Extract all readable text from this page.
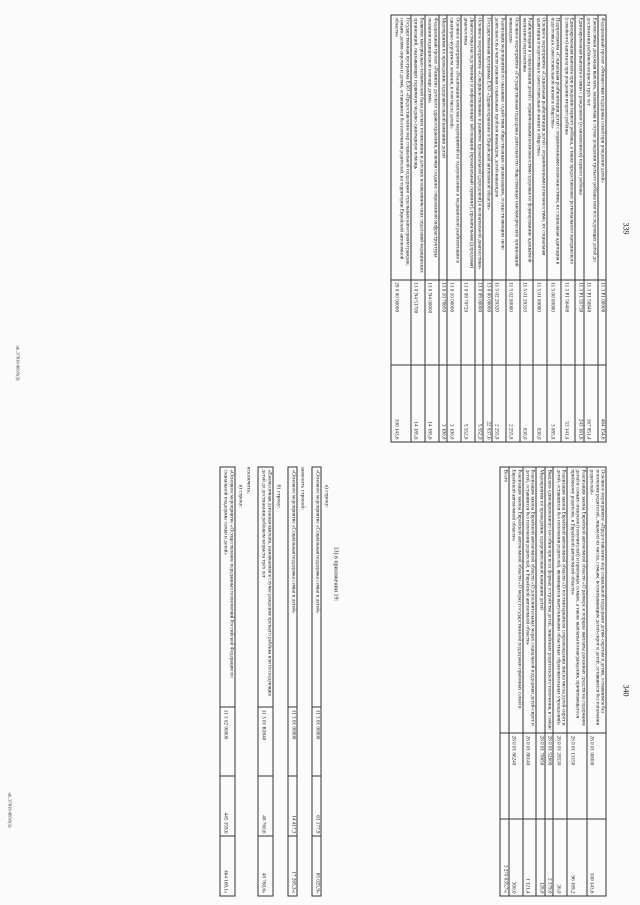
339
Федеральный проект «Финансовая поддержка семей при рождении детей»	11 3 P1 00000	464 154,6
Ежемесячная денежная выплата, назначаемая в случае рождения третьего ребёнка или последующих детей до достижения ребёнком возраста трёх лет	11 3 P1 50840	167 851,4
Единовременная выплата в связи с рождением (усыновлением) первого ребёнка	11 3 P1 55730	243 161,8
Единовременная выплата при рождении первого ребёнка, а также предоставление регионального материнского (семейного) капитала при рождении второго ребёнка	11 3 P1 56400	53 141,4
Подпрограмма «Социальная реабилитация детей с ограниченными возможностями, их социальная адаптация и подготовка к самостоятельной жизни в обществе»	11 5 00 00000	3 085,8
Основное мероприятие «Социальная реабилитация детей с ограниченными возможностями, их социальная адаптация и подготовка к самостоятельной жизни в обществе»	11 5 01 00000	830,0
Реабилитация и социализация детей с ограниченными возможностями здоровья по формированию адекватной жизненной перспективы	11 5 01 28310	830,0
Основное мероприятие «Государственная поддержка деятельности общественных некоммерческих организаций инвалидов»	11 5 02 00000	2 255,8
Реализация мероприятий по оказанию содействия общественным организациям, осуществляющим свою деятельность в части решения социальных проблем инвалидов, детей-инвалидов	11 5 02 28320	2 255,8
Государственная программа ЕАО «Здравоохранение в Еврейской автономной области»	13 0 00 00000	22 837,6
Основное мероприятие «Совершенствование и развитие пренатальной (дородовой) и неонатальной диагностики»	13 0 09 00000	5 552,0
Диагностика наследственных и инфекционных заболеваний (пренатальный скрининг), пренатальная (дородовая) диагностика	13 0 09 70720	5 552,0
Основное мероприятие «Реализация комплекса мероприятий по оздоровлению и медицинской реабилитации в санаторно-курортном лечении, в том числе детей»	13 0 10 00000	3 100,0
Мероприятия по проведению оздоровительной кампании детей	13 0 10 70650	3 100,0
Федеральный проект «Развитие детского здравоохранения, включая создание современной инфраструктуры оказания медицинской помощи детям»	13 0 N4 00000	14 185,6
Развитие материально-технической базы детских поликлиник и детских поликлинических отделений медицинских организаций, оказывающих первичную медико-санитарную помощь	13 0 N4 51700	14 185,6
Государственная программа ЕАО «Предоставление мер социальной поддержки отдельным категориям граждан, семьям, детям-сиротам и детям, оставшимся без попечения родителей, на территории Еврейской автономной области»	28 0 00 00000	100 143,6
uk_37019-985/6(3)
340
Основное мероприятие «Предоставление мер социальной поддержки детям-сиротам и детям, оставшимся без попечения родителей, лицам из их числа, семьям, воспитывающим детей-сирот и детей, оставшихся без попечения родителей»	28 0 01 00000	100 143,6
Реализация закона Еврейской автономной области «О размере и порядке выплаты денежных средств на содержание детей в семьях опекунов (попечителей) и приёмных семьях, а также выплаты вознаграждения, причитающегося приёмному родителю, в Еврейской автономной области»	28 0 01 13150	96 189,2
Реализация закона Еврейской автономной области «О постинтернатном сопровождении лиц из числа детей-сирот и детей, оставшихся без попечения родителей, являющихся выпускниками областных образовательных учреждений»	28 0 01 20530	26,0
Выплата единовременного пособия при всех формах устройства детей, лишённых родительского попечения, в семью	28 0 01 52600	2 379,0
Мероприятия по проведению оздоровительной кампании детей	28 0 01 70650	128,0
Реализация закона Еврейской автономной области «О дополнительных мерах социальной поддержки детей-сирот и детей, оставшихся без попечения родителей, в Еврейской автономной области»	28 0 01 86140	1 121,4
Реализация закона Еврейской автономной области «О мерах государственной поддержки приёмных семей в Еврейской автономной области»	28 0 01 86240	300,0
Всего		3 270 835,7»;
13) в приложении 19:
а) строку:
«Основное мероприятие «Социальная поддержка семьи и детей»	11 3 01 00000	63 177,9	65 025,9»
заменить строкой:
«Основное мероприятие «Социальная поддержка семьи и детей»	11 3 01 00000	14 417,3	17 265,3»;
б) строку:
«Ежемесячная денежная выплата, назначаемая в случае рождения третьего ребёнка или последующих детей до достижения ребёнком возраста трёх лет	11 3 01 R0840	48 760,6	48 760,6»
исключить;
в) строку:
«Основное мероприятие «Осуществление переданных полномочий Российской Федерации по социальной поддержке семьи и детей»	11 3 02 00000	445 359,6	464 169,1»
uk_37019-985/6(3)
